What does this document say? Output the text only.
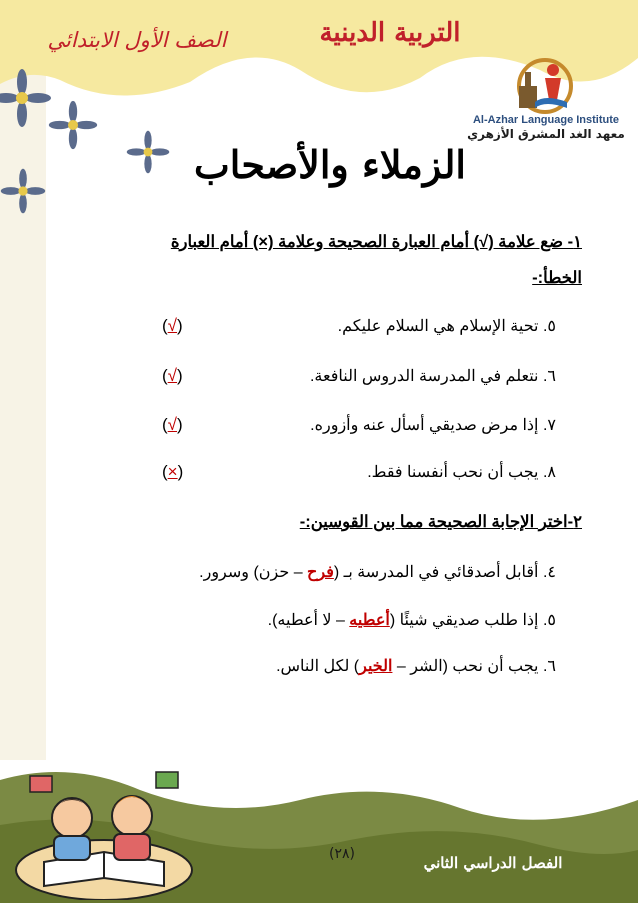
التربية الدينية
الصف الأول الابتدائي
Al-Azhar Language Institute
معهد الغد المشرق الأزهري
الزملاء والأصحاب
١- ضع علامة (√) أمام العبارة الصحيحة وعلامة (×) أمام العبارة
الخطأ:-
٥. تحية الإسلام هي السلام عليكم.
(√)
٦. نتعلم في المدرسة الدروس النافعة.
(√)
٧. إذا مرض صديقي أسأل عنه وأزوره.
(√)
٨. يجب أن نحب أنفسنا فقط.
(×)
٢-اختر الإجابة الصحيحة مما بين القوسين:-
٤. أقابل أصدقائي في المدرسة بـ (فرح – حزن) وسرور.
٥. إذا طلب صديقي شيئًا (أعطيه – لا أعطيه).
٦. يجب أن نحب (الشر – الخير) لكل الناس.
(٢٨)	الفصل الدراسي الثاني
